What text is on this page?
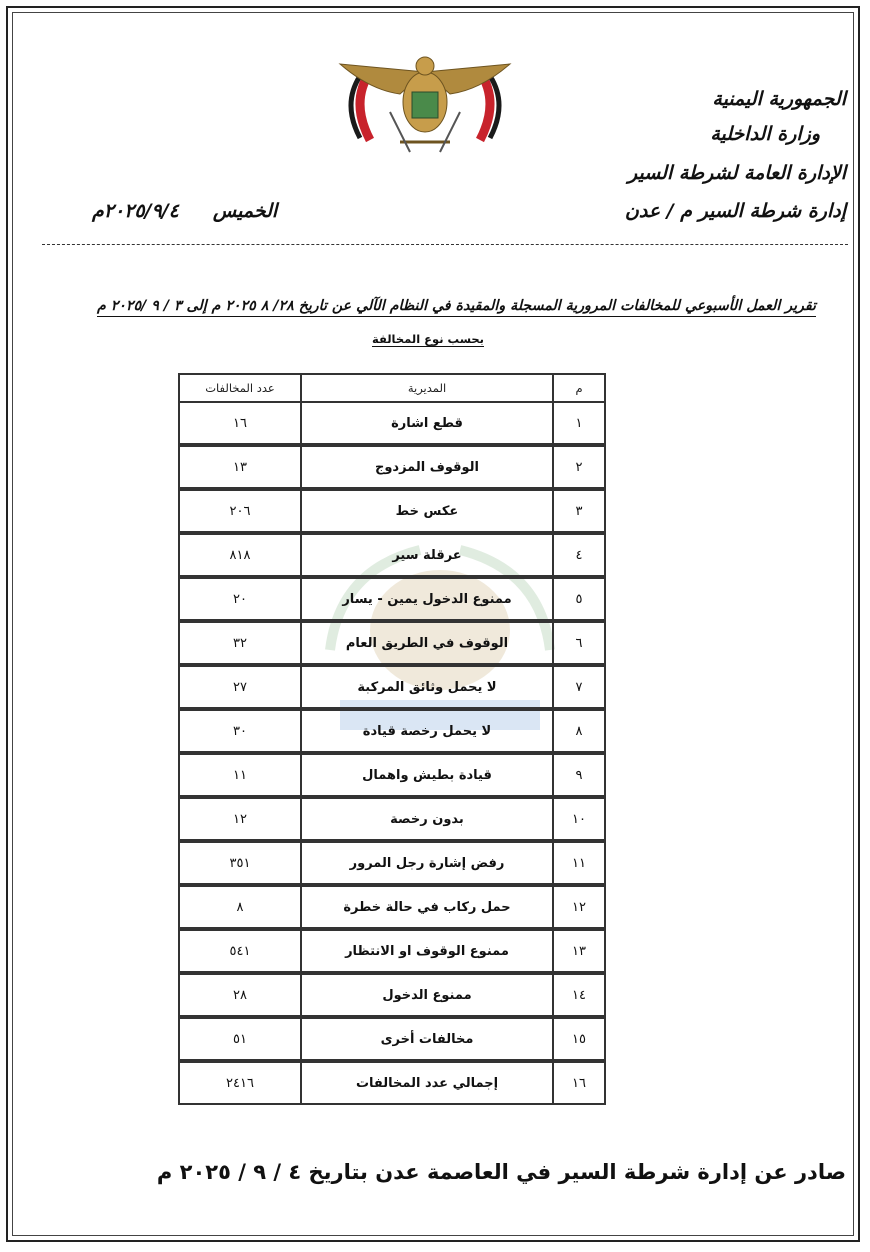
الجمهورية اليمنية
وزارة الداخلية
الإدارة العامة لشرطة السير
إدارة شرطة السير م / عدن
الخميس٢٠٢٥/٩/٤م
تقرير العمل الأسبوعي للمخالفات المرورية المسجلة والمقيدة في النظام الآلي عن تاريخ ٢٨/ ٨ ٢٠٢٥ م إلى ٣ / ٩ /٢٠٢٥ م
بحسب نوع المخالفة
م	المديرية	عدد المخالفات
١	قطع اشارة	١٦

٢	الوقوف المزدوج	١٣

٣	عكس خط	٢٠٦

٤	عرقلة سير	٨١٨

٥	ممنوع الدخول يمين - يسار	٢٠

٦	الوقوف في الطريق العام	٣٢

٧	لا يحمل وثائق المركبة	٢٧

٨	لا يحمل رخصة قيادة	٣٠

٩	قيادة بطيش واهمال	١١

١٠	بدون رخصة	١٢

١١	رفض إشارة رجل المرور	٣٥١

١٢	حمل ركاب في حالة خطرة	٨

١٣	ممنوع الوقوف او الانتظار	٥٤١

١٤	ممنوع الدخول	٢٨

١٥	مخالفات أخرى	٥١

١٦	إجمالي عدد المخالفات	٢٤١٦
صادر عن إدارة شرطة السير في العاصمة عدن بتاريخ ٤ / ٩ / ٢٠٢٥ م
